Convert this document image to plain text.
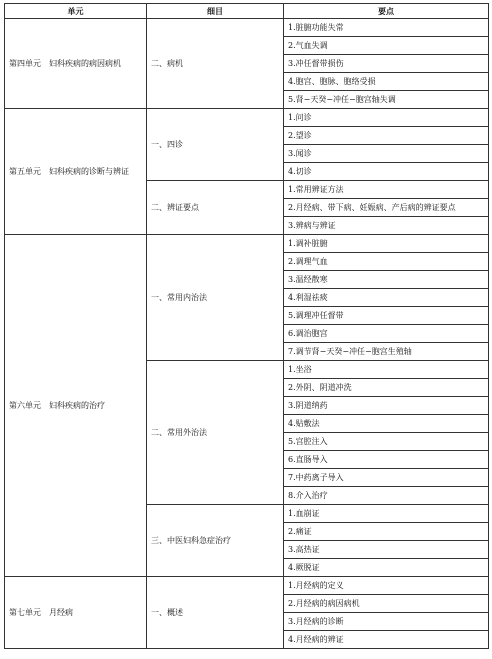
单元	细目	要点
第四单元　妇科疾病的病因病机	二、病机	1.脏腑功能失常
		2.气血失调
		3.冲任督带损伤
		4.胞宫、胞脉、胞络受损
		5.肾−天癸−冲任−胞宫轴失调
第五单元　妇科疾病的诊断与辨证	一、四诊	1.问诊
		2.望诊
		3.闻诊
		4.切诊
	二、辨证要点	1.常用辨证方法
		2.月经病、带下病、妊娠病、产后病的辨证要点
		3.辨病与辨证
第六单元　妇科疾病的治疗	一、常用内治法	1.调补脏腑
		2.调理气血
		3.温经散寒
		4.利湿祛痰
		5.调理冲任督带
		6.调治胞宫
		7.调节肾−天癸−冲任−胞宫生殖轴
	二、常用外治法	1.坐浴
		2.外阴、阴道冲洗
		3.阴道纳药
		4.贴敷法
		5.宫腔注入
		6.直肠导入
		7.中药离子导入
		8.介入治疗
	三、中医妇科急症治疗	1.血崩证
		2.痛证
		3.高热证
		4.厥脱证
第七单元　月经病	一、概述	1.月经病的定义
		2.月经病的病因病机
		3.月经病的诊断
		4.月经病的辨证
